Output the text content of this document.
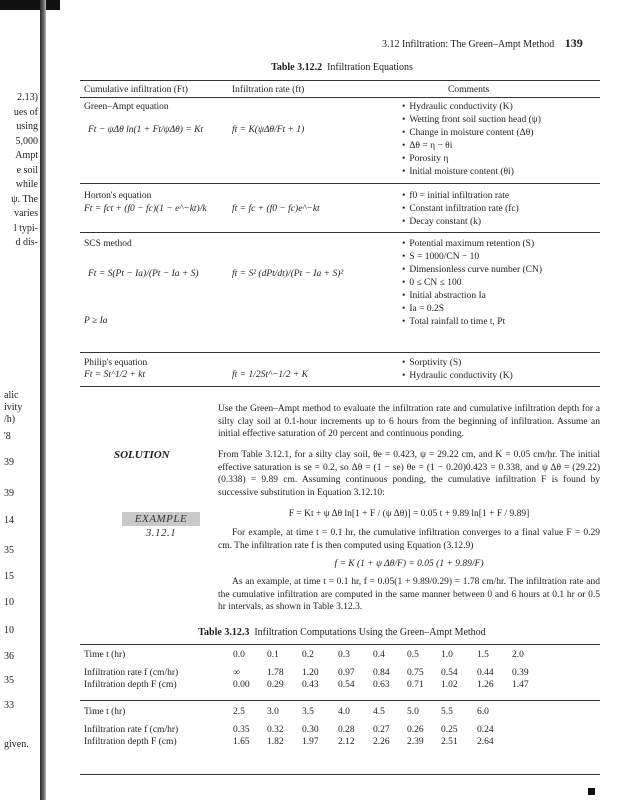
3.12 Infiltration: The Green–Ampt Method 139
2.13)
ues of
using
5,000
Ampt
e soil
while
ψ. The
varies
l typi-
d dis-
alic
ivity
/h)
'8
39
39
14
35
15
10
10
36
35
33
given.
Table 3.12.2 Infiltration Equations
Cumulative infiltration (Ft)	Infiltration rate (ft)	Comments
Green–Ampt equation
Ft − ψΔθ ln(1 + Ft/ψΔθ) = Kt	ft = K(ψΔθ/Ft + 1)
• Hydraulic conductivity (K)
• Wetting front soil suction head (ψ)
• Change in moisture content (Δθ)
• Δθ = η − θi
• Porosity η
• Initial moisture content (θi)
Horton's equation
Ft = fct + (f0 − fc)(1 − e^−kt)/k	ft = fc + (f0 − fc)e^−kt
• f0 = initial infiltration rate
• Constant infiltration rate (fc)
• Decay constant (k)
SCS method
Ft = S(Pt − Ia)/(Pt − Ia + S)	ft = S² (dPt/dt)/(Pt − Ia + S)²
P ≥ Ia
• Potential maximum retention (S)
• S = 1000/CN − 10
• Dimensionless curve number (CN)
• 0 ≤ CN ≤ 100
• Initial abstraction Ia
• Ia = 0.2S
• Total rainfall to time t, Pt
Philip's equation
Ft = St^1/2 + kt	ft = 1/2St^−1/2 + K
• Sorptivity (S)
• Hydraulic conductivity (K)
EXAMPLE 3.12.1
Use the Green–Ampt method to evaluate the infiltration rate and cumulative infiltration depth for a silty clay soil at 0.1-hour increments up to 6 hours from the beginning of infiltration. Assume an initial effective saturation of 20 percent and continuous ponding.
SOLUTION	From Table 3.12.1, for a silty clay soil, θe = 0.423, ψ = 29.22 cm, and K = 0.05 cm/hr. The initial effective saturation is se = 0.2, so Δθ = (1 − se) θe = (1 − 0.20)0.423 = 0.338, and ψ Δθ = (29.22) (0.338) = 9.89 cm. Assuming continuous ponding, the cumulative infiltration F is found by successive substitution in Equation 3.12.10:
F = Kt + ψ Δθ ln[1 + F / (ψ Δθ)] = 0.05 t + 9.89 ln[1 + F / 9.89]
For example, at time t = 0.1 hr, the cumulative infiltration converges to a final value F = 0.29 cm. The infiltration rate f is then computed using Equation (3.12.9)
f = K (1 + ψ Δθ/F) = 0.05 (1 + 9.89/F)
As an example, at time t = 0.1 hr, f = 0.05(1 + 9.89/0.29) = 1.78 cm/hr. The infiltration rate and the cumulative infiltration are computed in the same manner between 0 and 6 hours at 0.1 hr or 0.5 hr intervals, as shown in Table 3.12.3.
Table 3.12.3 Infiltration Computations Using the Green–Ampt Method
Time t (hr)	0.0 0.1 0.2	0.3 0.4 0.5 1.0	1.5 2.0
Infiltration rate f (cm/hr)	∞	1.78 1.20 0.97 0.84 0.75 0.54 0.44 0.39
Infiltration depth F (cm)	0.00 0.29 0.43 0.54 0.63 0.71 1.02 1.26 1.47
Time t (hr)	2.5 3.0 3.5	4.0 4.5 5.0 5.5	6.0
Infiltration rate f (cm/hr)	0.35 0.32 0.30 0.28 0.27 0.26 0.25 0.24
Infiltration depth F (cm)	1.65 1.82 1.97 2.12 2.26 2.39 2.51 2.64
